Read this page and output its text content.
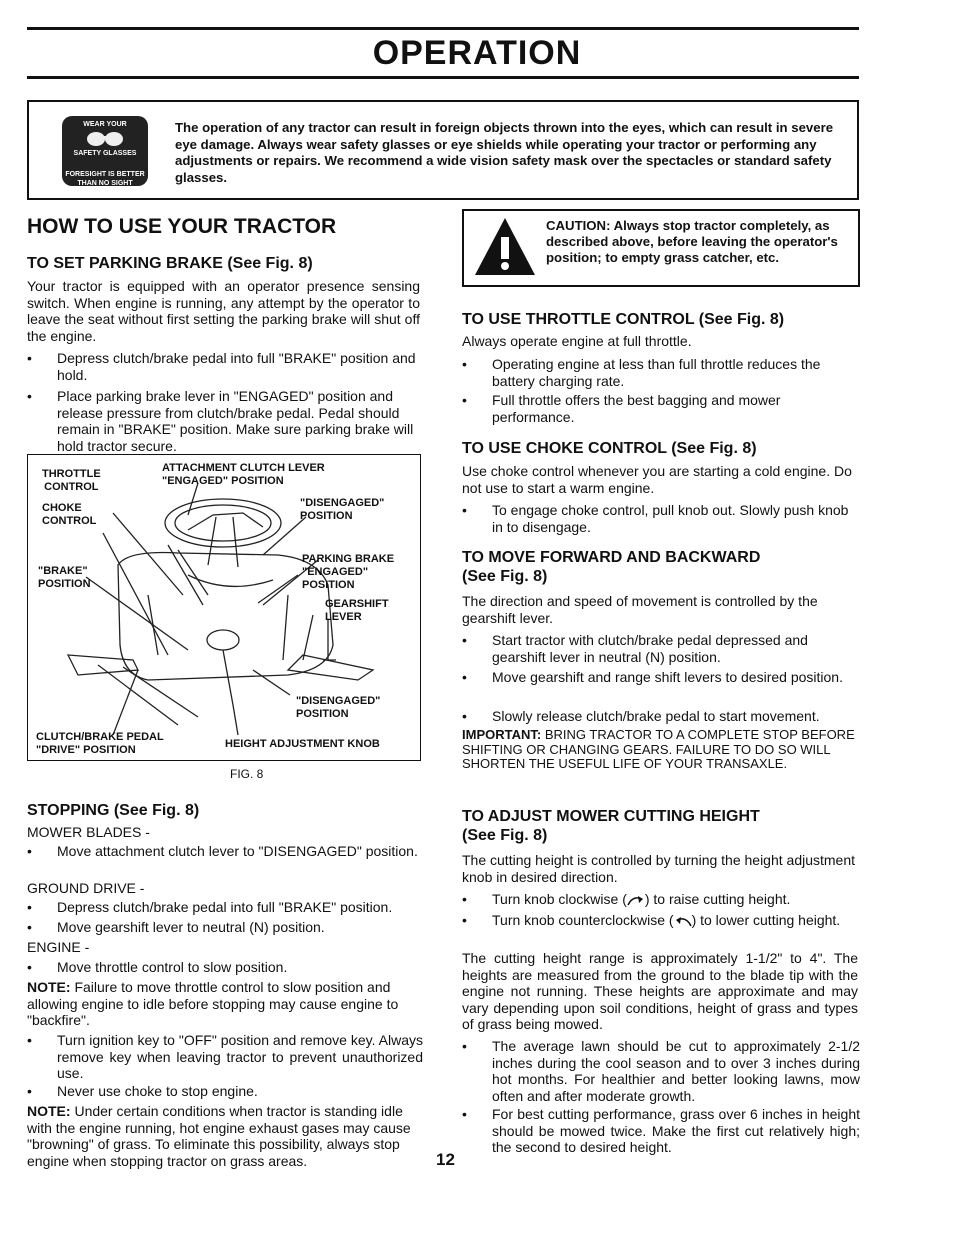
OPERATION
WEAR YOUR
SAFETY GLASSES
FORESIGHT IS BETTER
THAN NO SIGHT
The operation of any tractor can result in foreign objects thrown into the eyes, which can result in severe eye damage. Always wear safety glasses or eye shields while operating your tractor or performing any adjustments or repairs. We recommend a wide vision safety mask over the spectacles or standard safety glasses.
HOW TO USE YOUR TRACTOR
TO SET PARKING BRAKE (See Fig. 8)
Your tractor is equipped with an operator presence sensing switch. When engine is running, any attempt by the operator to leave the seat without first setting the parking brake will shut off the engine.
• Depress clutch/brake pedal into full "BRAKE" position and hold.
• Place parking brake lever in "ENGAGED" position and release pressure from clutch/brake pedal. Pedal should remain in "BRAKE" position. Make sure parking brake will hold tractor secure.
THROTTLE
CONTROL
ATTACHMENT CLUTCH LEVER
"ENGAGED" POSITION
CHOKE
CONTROL
"DISENGAGED"
POSITION
"BRAKE"
POSITION
PARKING BRAKE
"ENGAGED"
POSITION
GEARSHIFT
LEVER
"DISENGAGED"
POSITION
CLUTCH/BRAKE PEDAL
"DRIVE" POSITION	HEIGHT ADJUSTMENT KNOB
FIG. 8
STOPPING (See Fig. 8)
MOWER BLADES -
• Move attachment clutch lever to "DISENGAGED" position.
GROUND DRIVE -
• Depress clutch/brake pedal into full "BRAKE" position.
• Move gearshift lever to neutral (N) position.
ENGINE -
• Move throttle control to slow position.
NOTE: Failure to move throttle control to slow position and allowing engine to idle before stopping may cause engine to "backfire".
• Turn ignition key to "OFF" position and remove key. Always remove key when leaving tractor to prevent unauthorized use.
• Never use choke to stop engine.
NOTE: Under certain conditions when tractor is standing idle with the engine running, hot engine exhaust gases may cause "browning" of grass. To eliminate this possibility, always stop engine when stopping tractor on grass areas.	12
CAUTION: Always stop tractor completely, as described above, before leaving the operator's position; to empty grass catcher, etc.
TO USE THROTTLE CONTROL (See Fig. 8)
Always operate engine at full throttle.
• Operating engine at less than full throttle reduces the battery charging rate.
• Full throttle offers the best bagging and mower performance.
TO USE CHOKE CONTROL (See Fig. 8)
Use choke control whenever you are starting a cold engine. Do not use to start a warm engine.
• To engage choke control, pull knob out. Slowly push knob in to disengage.
TO MOVE FORWARD AND BACKWARD
(See Fig. 8)
The direction and speed of movement is controlled by the gearshift lever.
• Start tractor with clutch/brake pedal depressed and gearshift lever in neutral (N) position.
• Move gearshift and range shift levers to desired position.
• Slowly release clutch/brake pedal to start movement.
IMPORTANT: BRING TRACTOR TO A COMPLETE STOP BEFORE SHIFTING OR CHANGING GEARS. FAILURE TO DO SO WILL SHORTEN THE USEFUL LIFE OF YOUR TRANSAXLE.
TO ADJUST MOWER CUTTING HEIGHT
(See Fig. 8)
The cutting height is controlled by turning the height adjustment knob in desired direction.
• Turn knob clockwise ( ) to raise cutting height.
• Turn knob counterclockwise ( ) to lower cutting height.
The cutting height range is approximately 1-1/2" to 4". The heights are measured from the ground to the blade tip with the engine not running. These heights are approximate and may vary depending upon soil conditions, height of grass and types of grass being mowed.
• The average lawn should be cut to approximately 2-1/2 inches during the cool season and to over 3 inches during hot months. For healthier and better looking lawns, mow often and after moderate growth.
• For best cutting performance, grass over 6 inches in height should be mowed twice. Make the first cut relatively high; the second to desired height.
